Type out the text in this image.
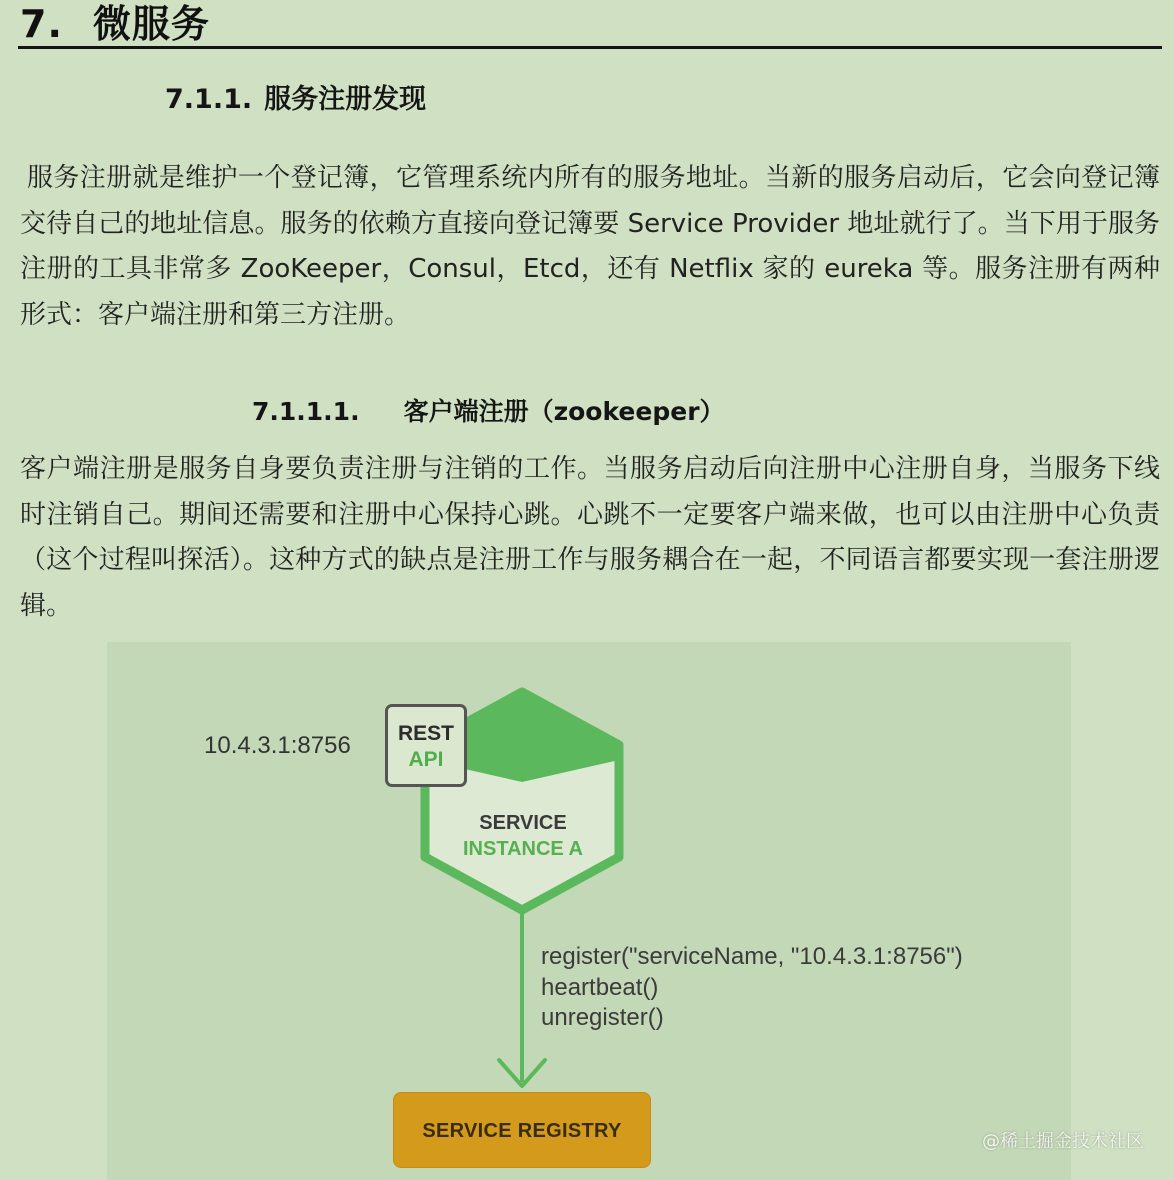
7. 微服务
7.1.1. 服务注册发现
服务注册就是维护一个登记簿，它管理系统内所有的服务地址。当新的服务启动后，它会向登记簿交待自己的地址信息。服务的依赖方直接向登记簿要 Service Provider 地址就行了。当下用于服务注册的工具非常多 ZooKeeper，Consul，Etcd，还有 Netflix 家的 eureka 等。服务注册有两种形式：客户端注册和第三方注册。
7.1.1.1. 客户端注册（zookeeper）
客户端注册是服务自身要负责注册与注销的工作。当服务启动后向注册中心注册自身，当服务下线时注销自己。期间还需要和注册中心保持心跳。心跳不一定要客户端来做，也可以由注册中心负责（这个过程叫探活）。这种方式的缺点是注册工作与服务耦合在一起，不同语言都要实现一套注册逻辑。
10.4.3.1:8756	REST
API
SERVICE
INSTANCE A
register("serviceName, "10.4.3.1:8756")
heartbeat()
unregister()
SERVICE REGISTRY	@稀土掘金技术社区
